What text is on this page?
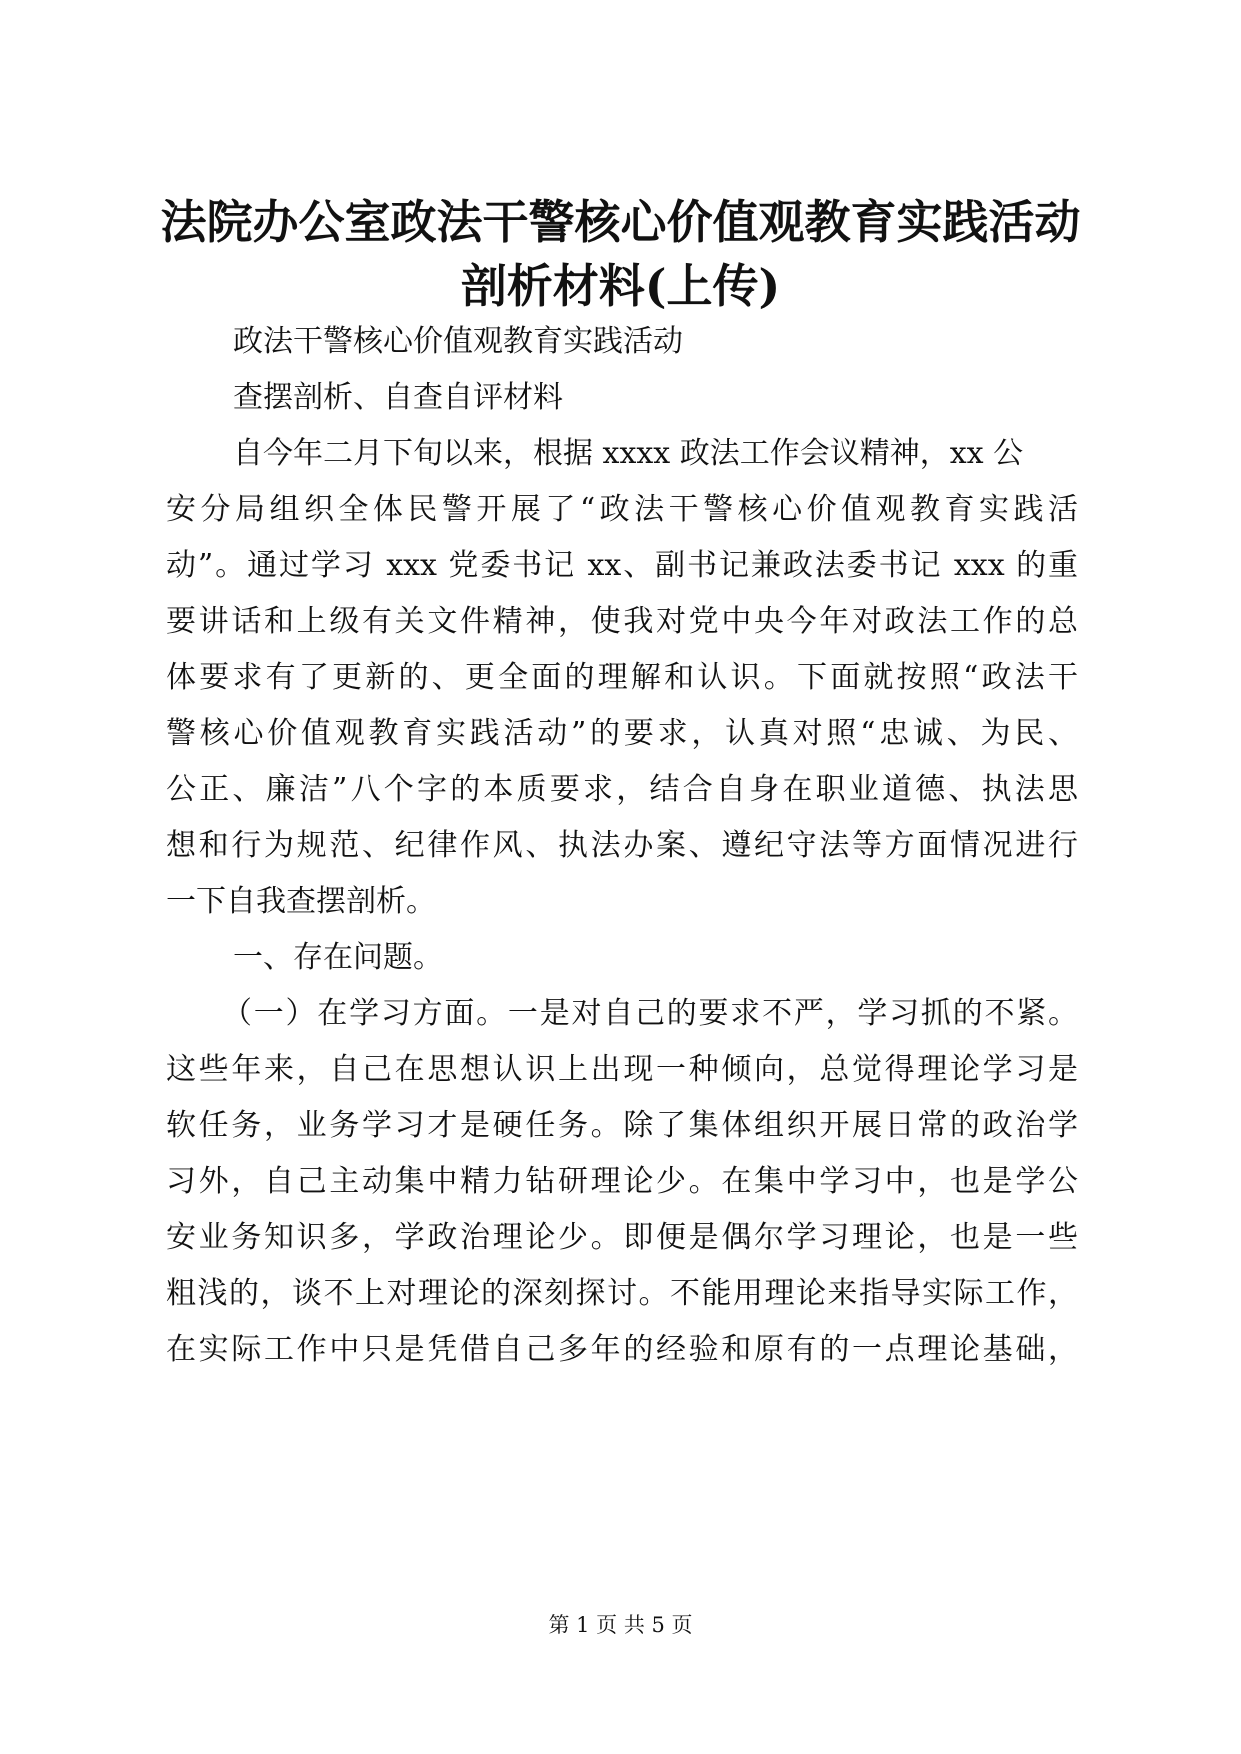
法院办公室政法干警核心价值观教育实践活动
剖析材料(上传)
政法干警核心价值观教育实践活动
查摆剖析、自查自评材料
自今年二月下旬以来，根据 xxxx 政法工作会议精神，xx 公
安分局组织全体民警开展了“政法干警核心价值观教育实践活
动”。通过学习 xxx 党委书记 xx、副书记兼政法委书记 xxx 的重
要讲话和上级有关文件精神，使我对党中央今年对政法工作的总
体要求有了更新的、更全面的理解和认识。下面就按照“政法干
警核心价值观教育实践活动”的要求，认真对照“忠诚、为民、
公正、廉洁”八个字的本质要求，结合自身在职业道德、执法思
想和行为规范、纪律作风、执法办案、遵纪守法等方面情况进行
一下自我查摆剖析。
一、存在问题。
（一）在学习方面。一是对自己的要求不严，学习抓的不紧。
这些年来，自己在思想认识上出现一种倾向，总觉得理论学习是
软任务，业务学习才是硬任务。除了集体组织开展日常的政治学
习外，自己主动集中精力钻研理论少。在集中学习中，也是学公
安业务知识多，学政治理论少。即便是偶尔学习理论，也是一些
粗浅的，谈不上对理论的深刻探讨。不能用理论来指导实际工作，
在实际工作中只是凭借自己多年的经验和原有的一点理论基础，
第 1 页 共 5 页
